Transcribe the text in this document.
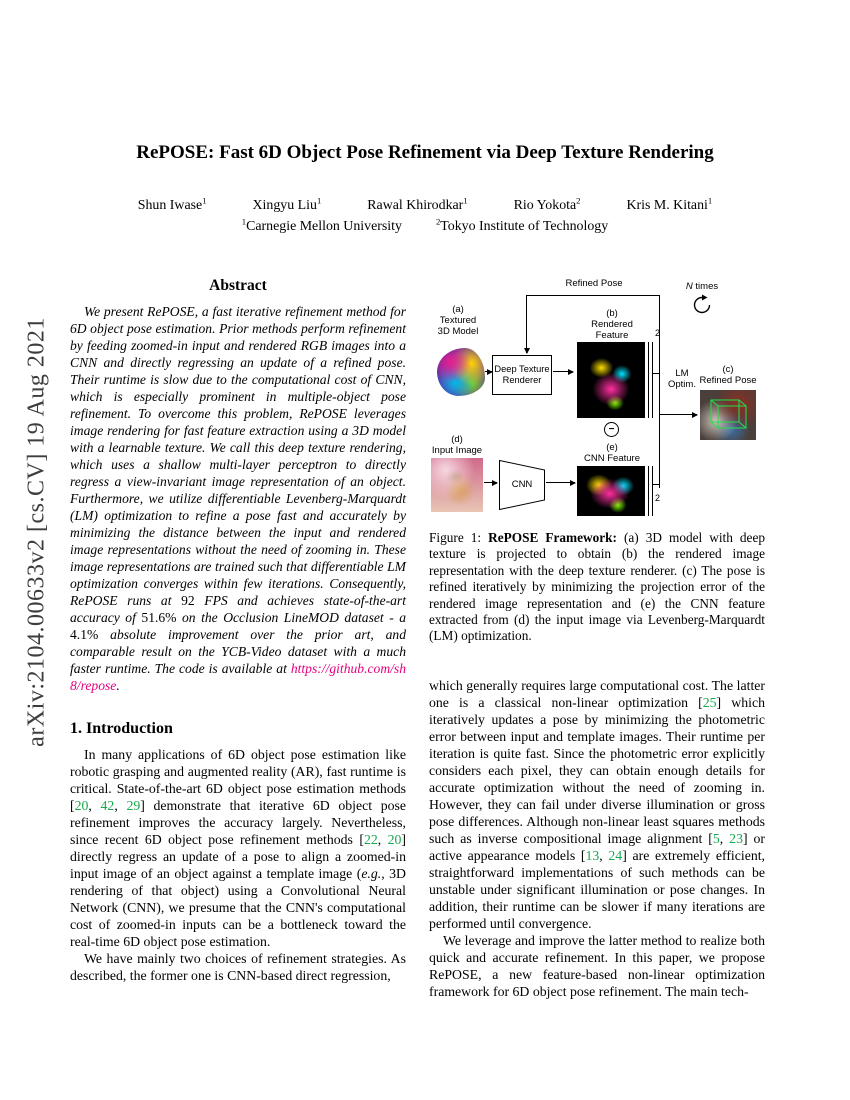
arXiv:2104.00633v2 [cs.CV] 19 Aug 2021
RePOSE: Fast 6D Object Pose Refinement via Deep Texture Rendering
Shun Iwase$^1$	Xingyu Liu$^1$	Rawal Khirodkar$^1$	Rio Yokota$^2$	Kris M. Kitani$^1$
$^1$Carnegie Mellon University	$^2$Tokyo Institute of Technology
Abstract

We present RePOSE, a fast iterative refinement method for 6D object pose estimation. Prior methods perform refinement by feeding zoomed-in input and rendered RGB images into a CNN and directly regressing an update of a refined pose. Their runtime is slow due to the computational cost of CNN, which is especially prominent in multiple-object pose refinement. To overcome this problem, RePOSE leverages image rendering for fast feature extraction using a 3D model with a learnable texture. We call this deep texture rendering, which uses a shallow multi-layer perceptron to directly regress a view-invariant image representation of an object. Furthermore, we utilize differentiable Levenberg-Marquardt (LM) optimization to refine a pose fast and accurately by minimizing the distance between the input and rendered image representations without the need of zooming in. These image representations are trained such that differentiable LM optimization converges within few iterations. Consequently, RePOSE runs at 92 FPS and achieves state-of-the-art accuracy of 51.6% on the Occlusion LineMOD dataset - a 4.1% absolute improvement over the prior art, and comparable result on the YCB-Video dataset with a much faster runtime. The code is available at https://github.com/sh8/repose.

1. Introduction

In many applications of 6D object pose estimation like robotic grasping and augmented reality (AR), fast runtime is critical. State-of-the-art 6D object pose estimation methods [20, 42, 29] demonstrate that iterative 6D object pose refinement improves the accuracy largely. Nevertheless, since recent 6D object pose refinement methods [22, 20] directly regress an update of a pose to align a zoomed-in input image of an object against a template image (e.g., 3D rendering of that object) using a Convolutional Neural Network (CNN), we presume that the CNN's computational cost of zoomed-in inputs can be a bottleneck toward the real-time 6D object pose estimation.

We have mainly two choices of refinement strategies. As described, the former one is CNN-based direct regression,

Refined Pose	N times
(a)
Textured
3D Model
Deep Texture
Renderer
(b)
Rendered
Feature	2
−
(e)
CNN Feature
2
(d)
Input Image
CNN
LM
Optim.
(c)
Refined Pose

Figure 1: RePOSE Framework: (a) 3D model with deep texture is projected to obtain (b) the rendered image representation with the deep texture renderer. (c) The pose is refined iteratively by minimizing the projection error of the rendered image representation and (e) the CNN feature extracted from (d) the input image via Levenberg-Marquardt (LM) optimization.

which generally requires large computational cost. The latter one is a classical non-linear optimization [25] which iteratively updates a pose by minimizing the photometric error between input and template images. Their runtime per iteration is quite fast. Since the photometric error explicitly considers each pixel, they can obtain enough details for accurate optimization without the need of zooming in. However, they can fail under diverse illumination or gross pose differences. Although non-linear least squares methods such as inverse compositional image alignment [5, 23] or active appearance models [13, 24] are extremely efficient, straightforward implementations of such methods can be unstable under significant illumination or pose changes. In addition, their runtime can be slower if many iterations are performed until convergence.

We leverage and improve the latter method to realize both quick and accurate refinement. In this paper, we propose RePOSE, a new feature-based non-linear optimization framework for 6D object pose refinement. The main tech-
